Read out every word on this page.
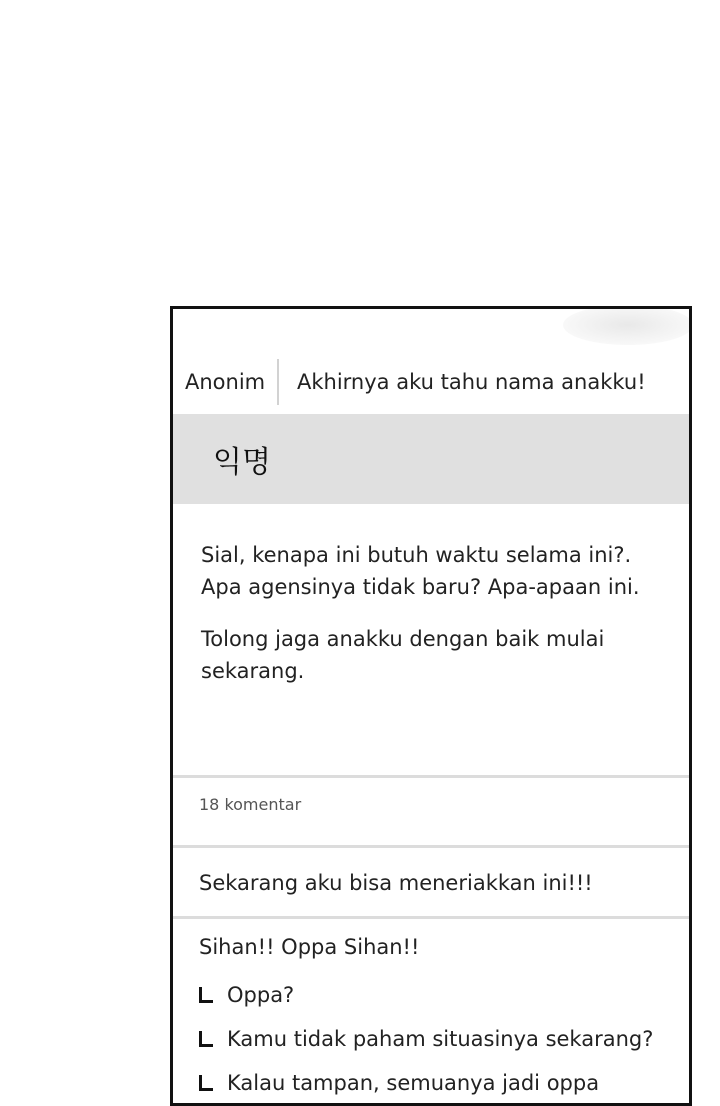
Anonim	Akhirnya aku tahu nama anakku!
익명

Sial, kenapa ini butuh waktu selama ini?. Apa agensinya tidak baru? Apa-apaan ini.

Tolong jaga anakku dengan baik mulai sekarang.

18 komentar
Sekarang aku bisa meneriakkan ini!!!
Sihan!! Oppa Sihan!!
Oppa?
Kamu tidak paham situasinya sekarang?
Kalau tampan, semuanya jadi oppa
